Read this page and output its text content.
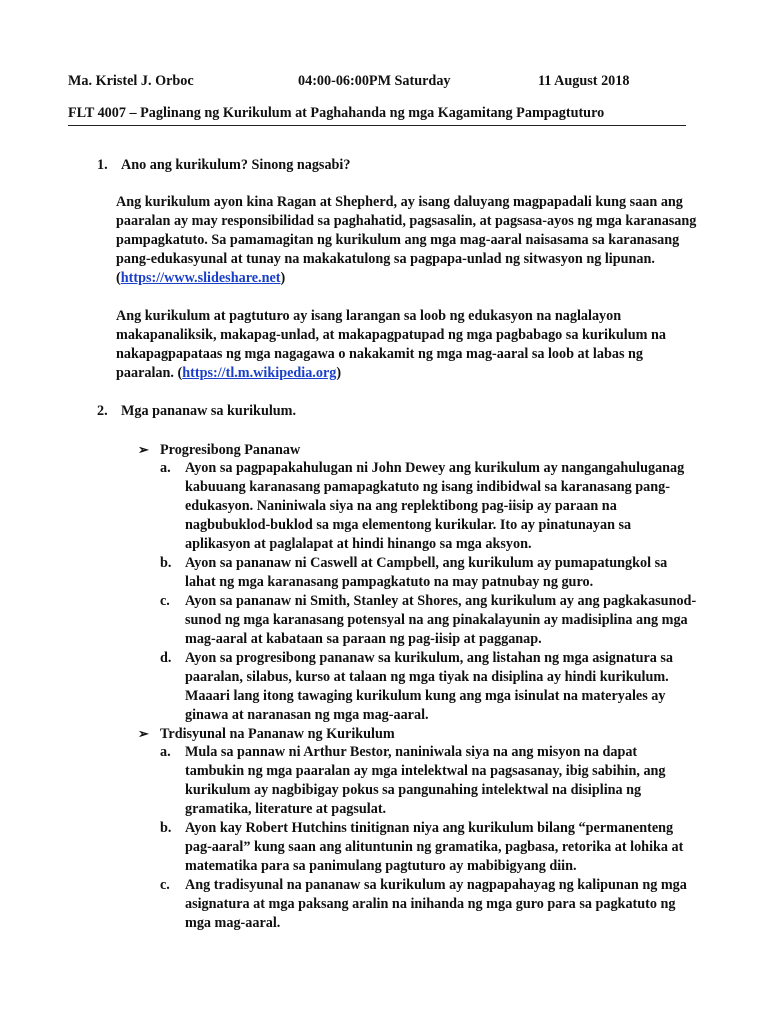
Ma. Kristel J. Orboc	04:00-06:00PM Saturday	11 August 2018
FLT 4007 – Paglinang ng Kurikulum at Paghahanda ng mga Kagamitang Pampagtuturo
1. Ano ang kurikulum? Sinong nagsabi?

Ang kurikulum ayon kina Ragan at Shepherd, ay isang daluyang magpapadali kung saan ang

paaralan ay may responsibilidad sa paghahatid, pagsasalin, at pagsasa-ayos ng mga karanasang

pampagkatuto. Sa pamamagitan ng kurikulum ang mga mag-aaral naisasama sa karanasang

pang-edukasyunal at tunay na makakatulong sa pagpapa-unlad ng sitwasyon ng lipunan.

(https://www.slideshare.net)

Ang kurikulum at pagtuturo ay isang larangan sa loob ng edukasyon na naglalayon

makapanaliksik, makapag-unlad, at makapagpatupad ng mga pagbabago sa kurikulum na

nakapagpapataas ng mga nagagawa o nakakamit ng mga mag-aaral sa loob at labas ng

paaralan. (https://tl.m.wikipedia.org)

2. Mga pananaw sa kurikulum.
➢ Progresibong Pananaw
a. Ayon sa pagpapakahulugan ni John Dewey ang kurikulum ay nangangahuluganag

kabuuang karanasang pamapagkatuto ng isang indibidwal sa karanasang pang-

edukasyon. Naniniwala siya na ang replektibong pag-iisip ay paraan na

nagbubuklod-buklod sa mga elementong kurikular. Ito ay pinatunayan sa

aplikasyon at paglalapat at hindi hinango sa mga aksyon.

b. Ayon sa pananaw ni Caswell at Campbell, ang kurikulum ay pumapatungkol sa

lahat ng mga karanasang pampagkatuto na may patnubay ng guro.

c. Ayon sa pananaw ni Smith, Stanley at Shores, ang kurikulum ay ang pagkakasunod-

sunod ng mga karanasang potensyal na ang pinakalayunin ay madisiplina ang mga

mag-aaral at kabataan sa paraan ng pag-iisip at pagganap.

d. Ayon sa progresibong pananaw sa kurikulum, ang listahan ng mga asignatura sa

paaralan, silabus, kurso at talaan ng mga tiyak na disiplina ay hindi kurikulum.

Maaari lang itong tawaging kurikulum kung ang mga isinulat na materyales ay

ginawa at naranasan ng mga mag-aaral.

➢ Trdisyunal na Pananaw ng Kurikulum
a. Mula sa pannaw ni Arthur Bestor, naniniwala siya na ang misyon na dapat

tambukin ng mga paaralan ay mga intelektwal na pagsasanay, ibig sabihin, ang

kurikulum ay nagbibigay pokus sa pangunahing intelektwal na disiplina ng

gramatika, literature at pagsulat.

b. Ayon kay Robert Hutchins tinitignan niya ang kurikulum bilang “permanenteng

pag-aaral” kung saan ang alituntunin ng gramatika, pagbasa, retorika at lohika at

matematika para sa panimulang pagtuturo ay mabibigyang diin.

c. Ang tradisyunal na pananaw sa kurikulum ay nagpapahayag ng kalipunan ng mga

asignatura at mga paksang aralin na inihanda ng mga guro para sa pagkatuto ng

mga mag-aaral.
